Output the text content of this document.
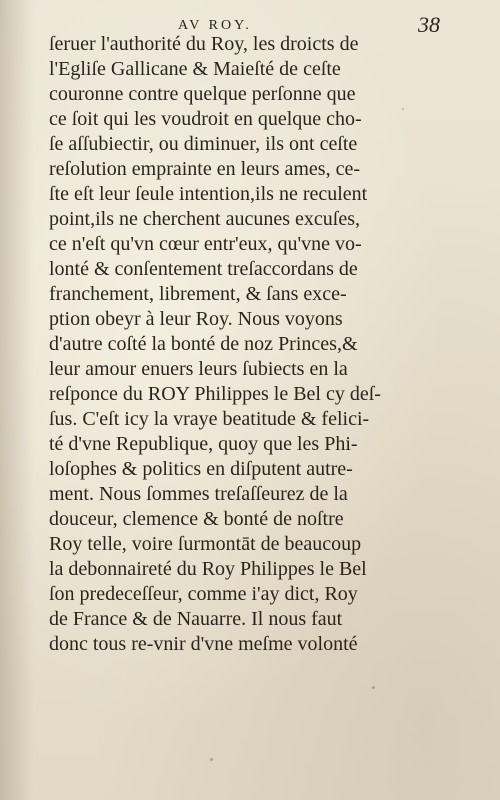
AV ROY.	38
ſeruer l'authorité du Roy, les droicts de
l'Egliſe Gallicane & Maieſté de ceſte
couronne contre quelque perſonne que
ce ſoit qui les voudroit en quelque cho-
ſe aſſubiectir, ou diminuer, ils ont ceſte
reſolution emprainte en leurs ames, ce-
ſte eſt leur ſeule intention,ils ne reculent
point,ils ne cherchent aucunes excuſes,
ce n'eſt qu'vn cœur entr'eux, qu'vne vo-
lonté & conſentement treſaccordans de
franchement, librement, & ſans exce-
ption obeyr à leur Roy. Nous voyons
d'autre coſté la bonté de noz Princes,&
leur amour enuers leurs ſubiects en la
reſponce du ROY Philippes le Bel cy deſ-
ſus. C'eſt icy la vraye beatitude & felici-
té d'vne Republique, quoy que les Phi-
loſophes & politics en diſputent autre-
ment. Nous ſommes treſaſſeurez de la
douceur, clemence & bonté de noſtre
Roy telle, voire ſurmontāt de beaucoup
la debonnaireté du Roy Philippes le Bel
ſon predeceſſeur, comme i'ay dict, Roy
de France & de Nauarre. Il nous faut
donc tous re-vnir d'vne meſme volonté
